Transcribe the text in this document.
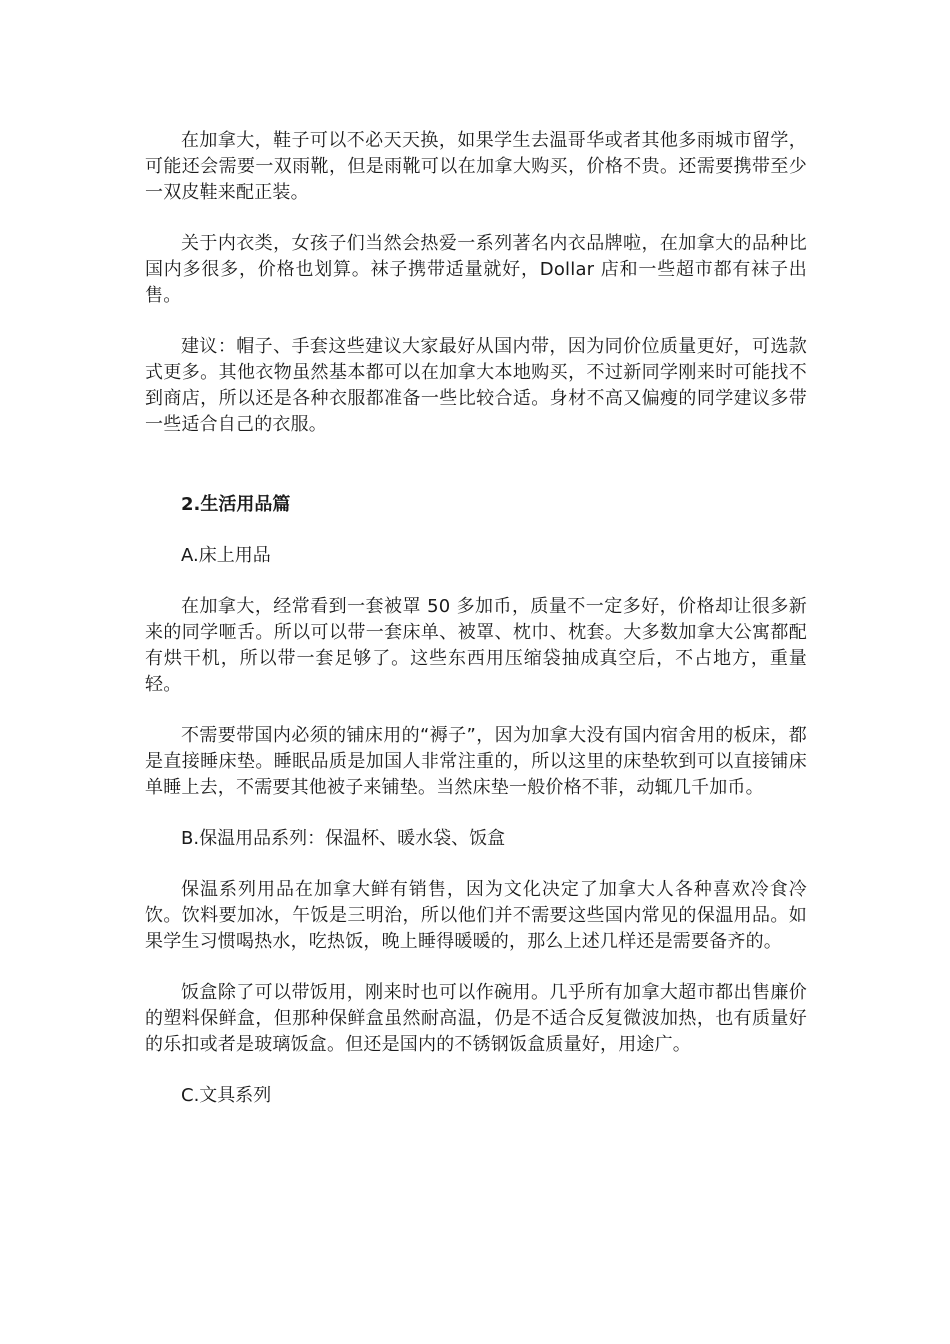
在加拿大，鞋子可以不必天天换，如果学生去温哥华或者其他多雨城市留学，可能还会需要一双雨靴，但是雨靴可以在加拿大购买，价格不贵。还需要携带至少一双皮鞋来配正装。

关于内衣类，女孩子们当然会热爱一系列著名内衣品牌啦，在加拿大的品种比国内多很多，价格也划算。袜子携带适量就好，Dollar 店和一些超市都有袜子出售。

建议：帽子、手套这些建议大家最好从国内带，因为同价位质量更好，可选款式更多。其他衣物虽然基本都可以在加拿大本地购买，不过新同学刚来时可能找不到商店，所以还是各种衣服都准备一些比较合适。身材不高又偏瘦的同学建议多带一些适合自己的衣服。

2.生活用品篇

A.床上用品

在加拿大，经常看到一套被罩 50 多加币，质量不一定多好，价格却让很多新来的同学咂舌。所以可以带一套床单、被罩、枕巾、枕套。大多数加拿大公寓都配有烘干机，所以带一套足够了。这些东西用压缩袋抽成真空后，不占地方，重量轻。

不需要带国内必须的铺床用的“褥子”，因为加拿大没有国内宿舍用的板床，都是直接睡床垫。睡眠品质是加国人非常注重的，所以这里的床垫软到可以直接铺床单睡上去，不需要其他被子来铺垫。当然床垫一般价格不菲，动辄几千加币。

B.保温用品系列：保温杯、暖水袋、饭盒

保温系列用品在加拿大鲜有销售，因为文化决定了加拿大人各种喜欢冷食冷饮。饮料要加冰，午饭是三明治，所以他们并不需要这些国内常见的保温用品。如果学生习惯喝热水，吃热饭，晚上睡得暖暖的，那么上述几样还是需要备齐的。

饭盒除了可以带饭用，刚来时也可以作碗用。几乎所有加拿大超市都出售廉价的塑料保鲜盒，但那种保鲜盒虽然耐高温，仍是不适合反复微波加热，也有质量好的乐扣或者是玻璃饭盒。但还是国内的不锈钢饭盒质量好，用途广。

C.文具系列
